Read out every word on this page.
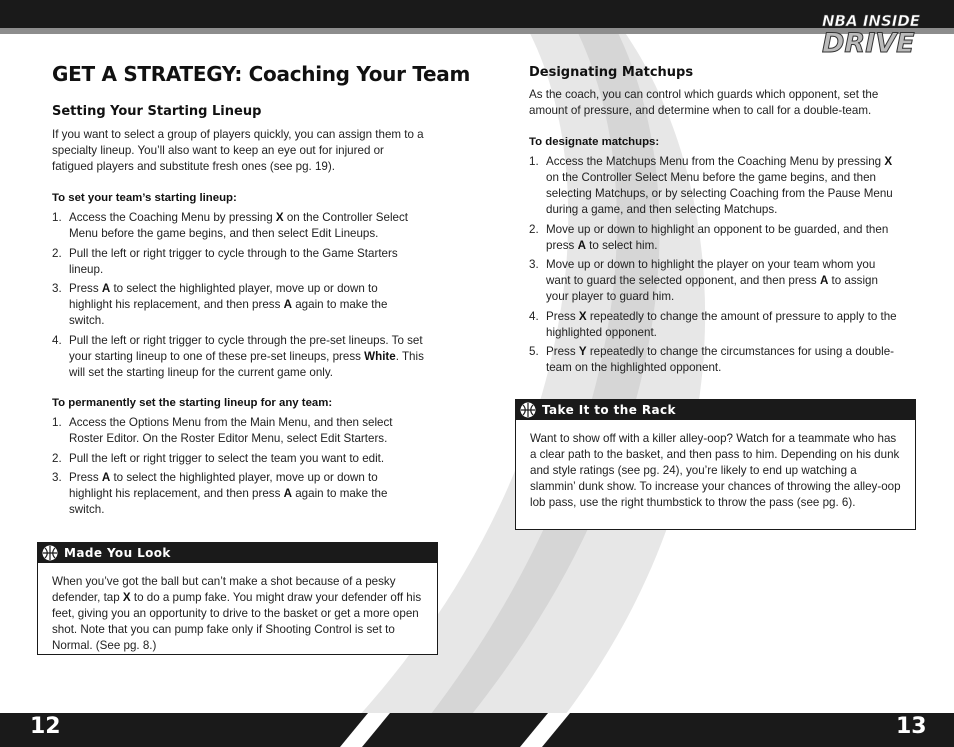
12	13
NBA INSIDE
DRIVE
GET A STRATEGY: Coaching Your Team
Setting Your Starting Lineup

If you want to select a group of players quickly, you can assign them to a specialty lineup. You’ll also want to keep an eye out for injured or fatigued players and substitute fresh ones (see pg. 19).

To set your team’s starting lineup:
1. Access the Coaching Menu by pressing X on the Controller Select Menu before the game begins, and then select Edit Lineups.
2. Pull the left or right trigger to cycle through to the Game Starters lineup.
3. Press A to select the highlighted player, move up or down to highlight his replacement, and then press A again to make the switch.
4. Pull the left or right trigger to cycle through the pre-set lineups. To set your starting lineup to one of these pre-set lineups, press White. This will set the starting lineup for the current game only.
To permanently set the starting lineup for any team:
1. Access the Options Menu from the Main Menu, and then select Roster Editor. On the Roster Editor Menu, select Edit Starters.
2. Pull the left or right trigger to select the team you want to edit.
3. Press A to select the highlighted player, move up or down to highlight his replacement, and then press A again to make the switch.
Made You Look
When you’ve got the ball but can’t make a shot because of a pesky defender, tap X to do a pump fake. You might draw your defender off his feet, giving you an opportunity to drive to the basket or get a more open shot. Note that you can pump fake only if Shooting Control is set to Normal. (See pg. 8.)
Designating Matchups

As the coach, you can control which guards which opponent, set the amount of pressure, and determine when to call for a double-team.

To designate matchups:
1. Access the Matchups Menu from the Coaching Menu by pressing X on the Controller Select Menu before the game begins, and then selecting Matchups, or by selecting Coaching from the Pause Menu during a game, and then selecting Matchups.
2. Move up or down to highlight an opponent to be guarded, and then press A to select him.
3. Move up or down to highlight the player on your team whom you want to guard the selected opponent, and then press A to assign your player to guard him.
4. Press X repeatedly to change the amount of pressure to apply to the highlighted opponent.
5. Press Y repeatedly to change the circumstances for using a double-team on the highlighted opponent.
Take It to the Rack
Want to show off with a killer alley-oop? Watch for a teammate who has a clear path to the basket, and then pass to him. Depending on his dunk and style ratings (see pg. 24), you’re likely to end up watching a slammin’ dunk show. To increase your chances of throwing the alley-oop lob pass, use the right thumbstick to throw the pass (see pg. 6).
